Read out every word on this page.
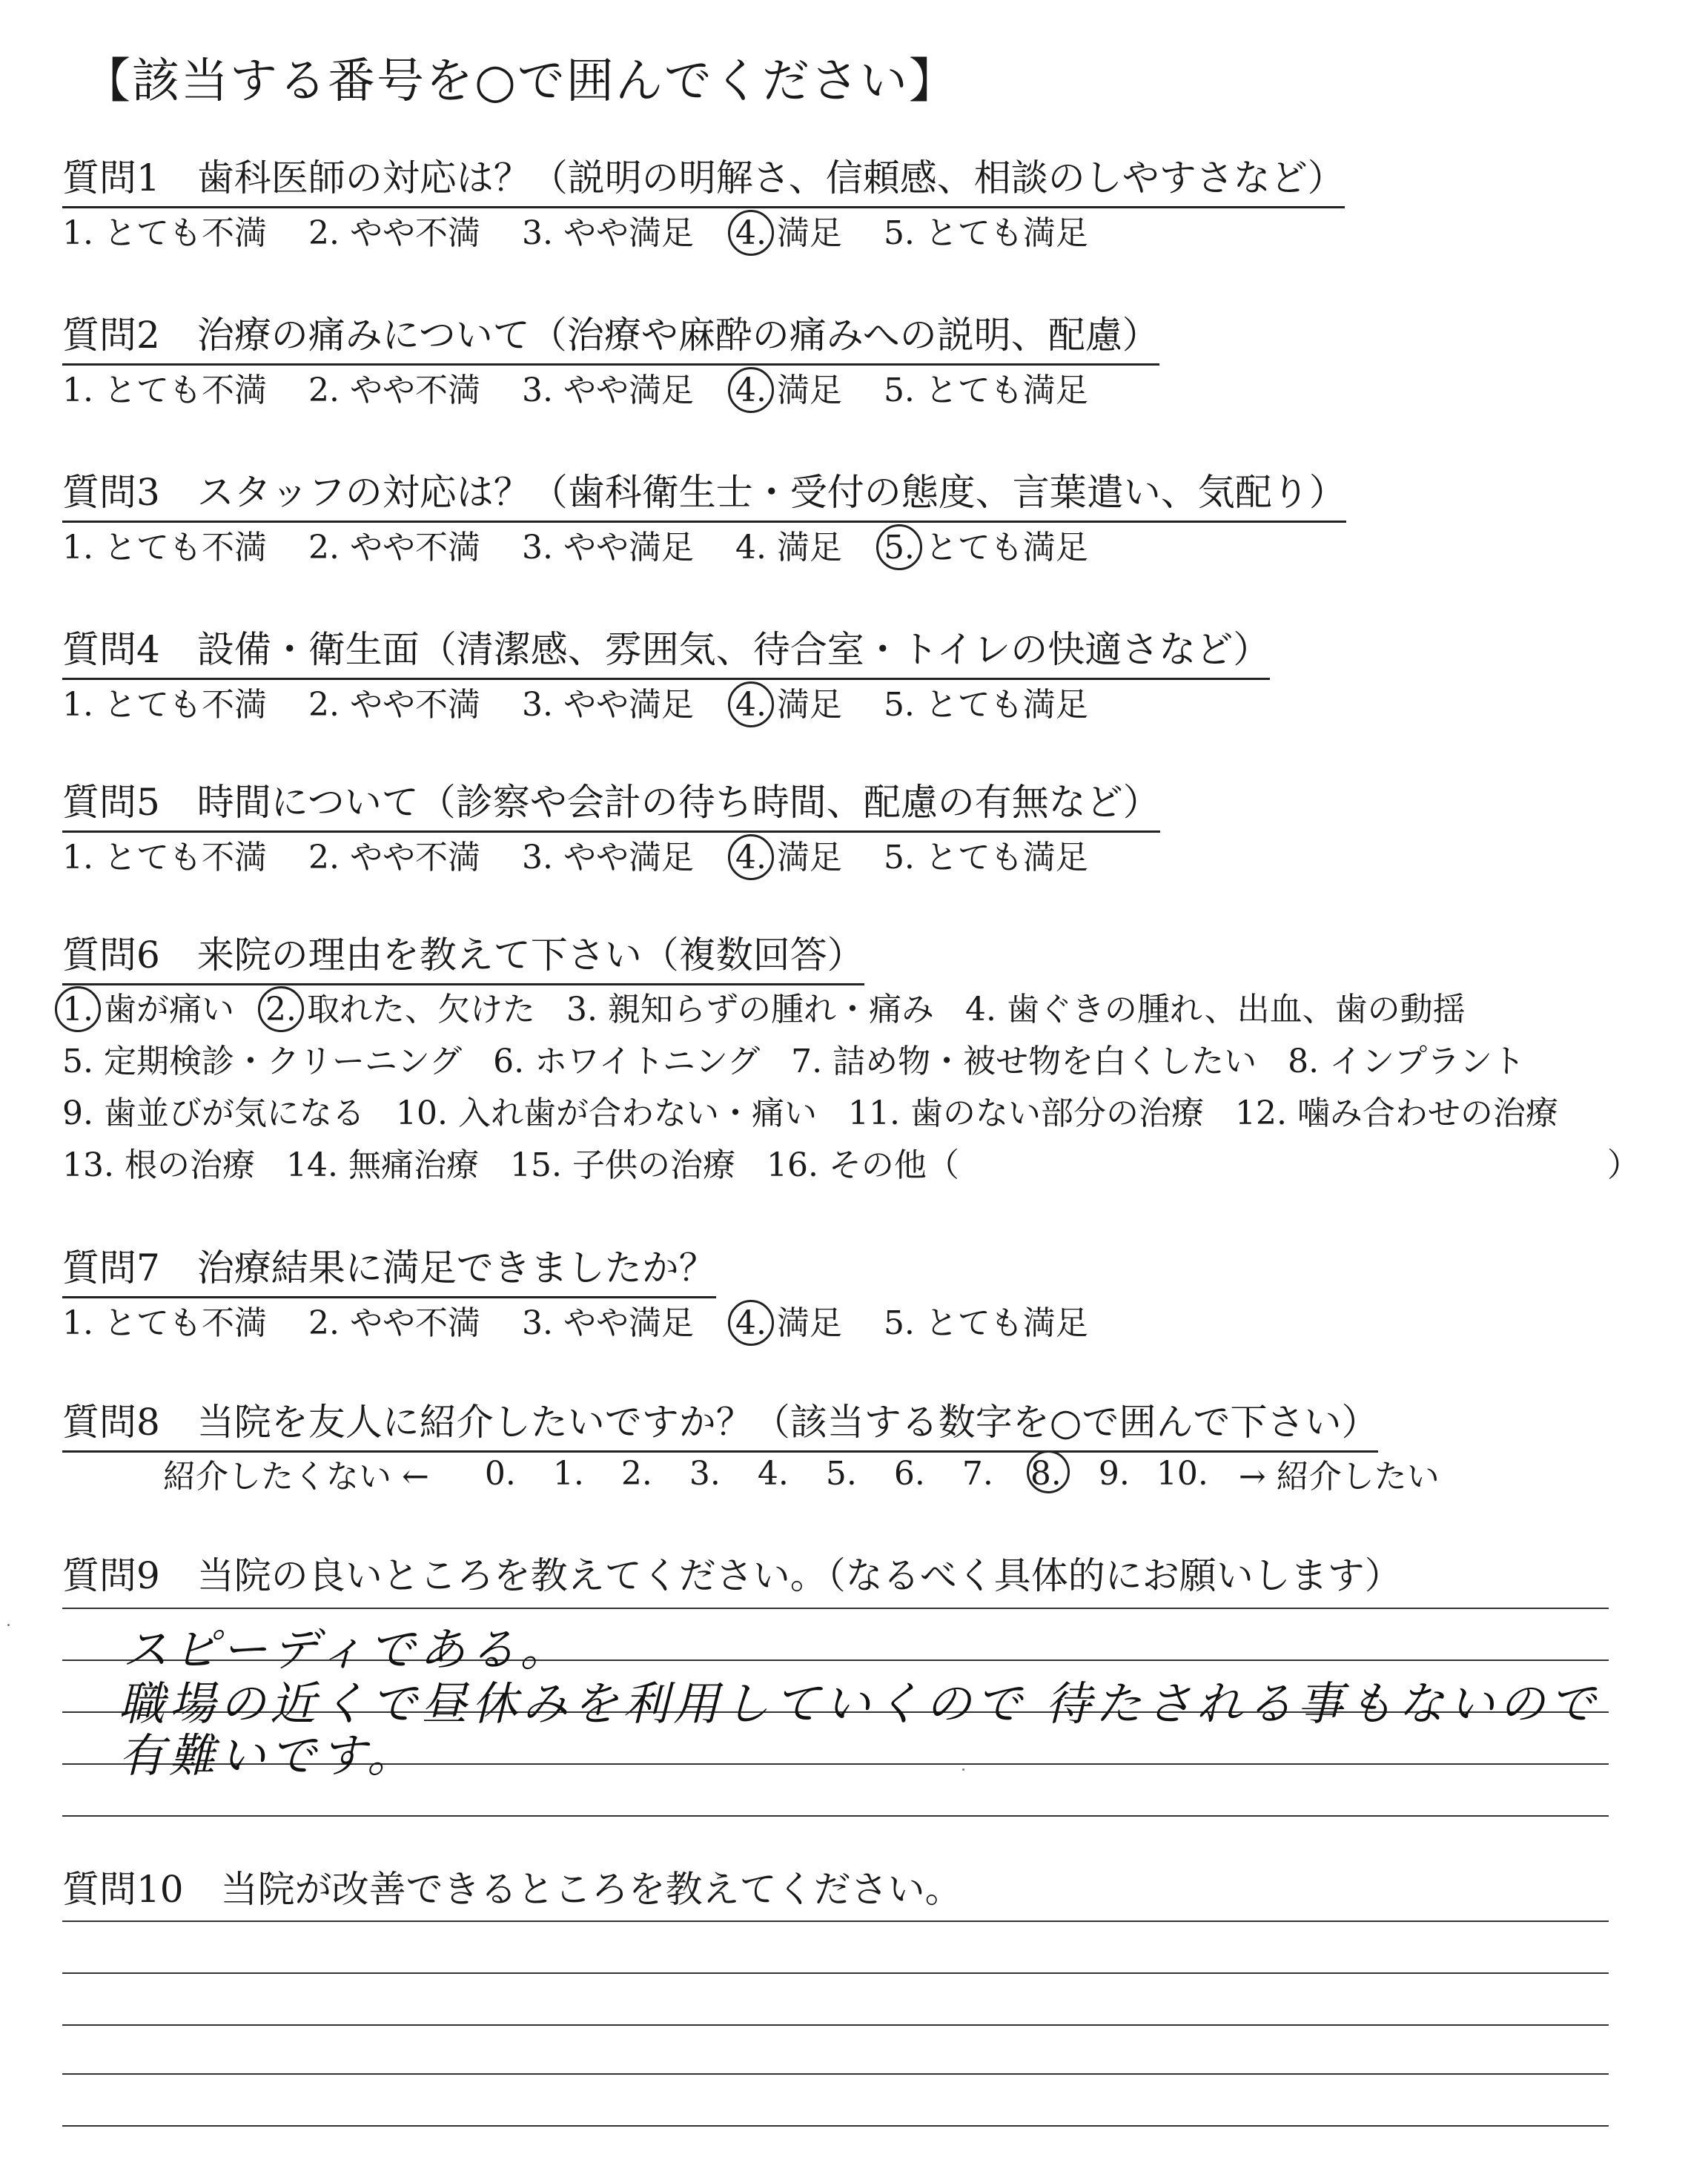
【該当する番号を○で囲んでください】
質問1　歯科医師の対応は？（説明の明解さ、信頼感、相談のしやすさなど）
1. とても不満 2. やや不満 3. やや満足 4. 満足 5. とても満足
質問2　治療の痛みについて（治療や麻酔の痛みへの説明、配慮）
1. とても不満 2. やや不満 3. やや満足 4. 満足 5. とても満足
質問3　スタッフの対応は？（歯科衛生士・受付の態度、言葉遣い、気配り）
1. とても不満 2. やや不満 3. やや満足 4. 満足 5. とても満足
質問4　設備・衛生面（清潔感、雰囲気、待合室・トイレの快適さなど）
1. とても不満 2. やや不満 3. やや満足 4. 満足 5. とても満足
質問5　時間について（診察や会計の待ち時間、配慮の有無など）
1. とても不満 2. やや不満 3. やや満足 4. 満足 5. とても満足
質問6　来院の理由を教えて下さい（複数回答）
1. 歯が痛い 2. 取れた、欠けた 3. 親知らずの腫れ・痛み 4. 歯ぐきの腫れ、出血、歯の動揺
5. 定期検診・クリーニング 6. ホワイトニング 7. 詰め物・被せ物を白くしたい 8. インプラント
9. 歯並びが気になる 10. 入れ歯が合わない・痛い 11. 歯のない部分の治療 12. 噛み合わせの治療
13. 根の治療 14. 無痛治療 15. 子供の治療 16. その他（	）
質問7　治療結果に満足できましたか？
1. とても不満 2. やや不満 3. やや満足 4. 満足 5. とても満足
質問8　当院を友人に紹介したいですか？（該当する数字を○で囲んで下さい）
紹介したくない ←	0.	1.	2.	3.	4.	5.	6.	7.	8.	9. 10. → 紹介したい
質問9　当院の良いところを教えてください。（なるべく具体的にお願いします）
スピーディである。
職場の近くで昼休みを利用していくので 待たされる事もないので
有難いです。
質問10　当院が改善できるところを教えてください。
